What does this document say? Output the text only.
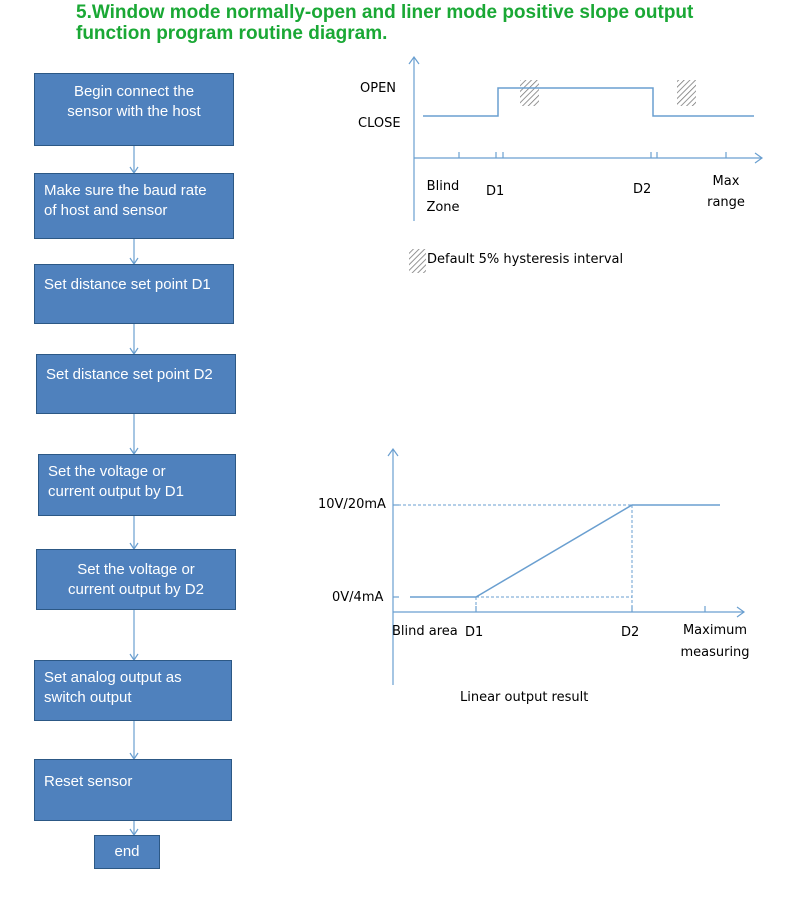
5.Window mode normally-open and liner mode positive slope output
function program routine diagram.
Begin connect the
sensor with the host
Make sure the baud rate
of host and sensor
Set distance set point D1
Set distance set point D2
Set the voltage or
current output by D1
Set the voltage or
current output by D2
Set analog output as
switch output
Reset sensor
end
OPEN
CLOSE
Blind
Zone
D1	D2
Max
range
Default 5% hysteresis interval
10V/20mA
0V/4mA
Blind area D1	D2	Maximum
measuring
Linear output result
